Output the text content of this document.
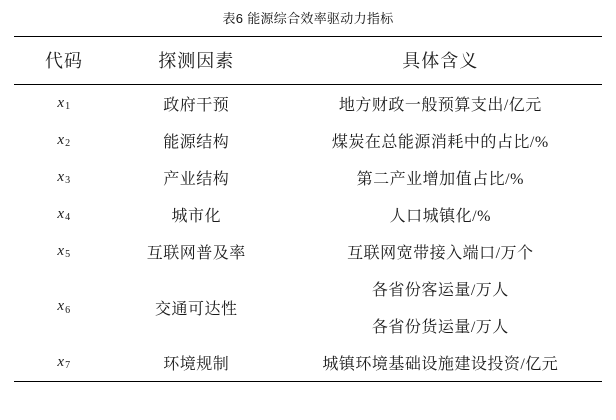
表6 能源综合效率驱动力指标
代码	探测因素	具体含义
$x_1$	政府干预	地方财政一般预算支出/亿元
$x_2$	能源结构	煤炭在总能源消耗中的占比/%
$x_3$	产业结构	第二产业增加值占比/%
$x_4$	城市化	人口城镇化/%
$x_5$	互联网普及率	互联网宽带接入端口/万个
$x_6$	交通可达性	各省份客运量/万人
各省份货运量/万人

$x_7$	环境规制	城镇环境基础设施建设投资/亿元
